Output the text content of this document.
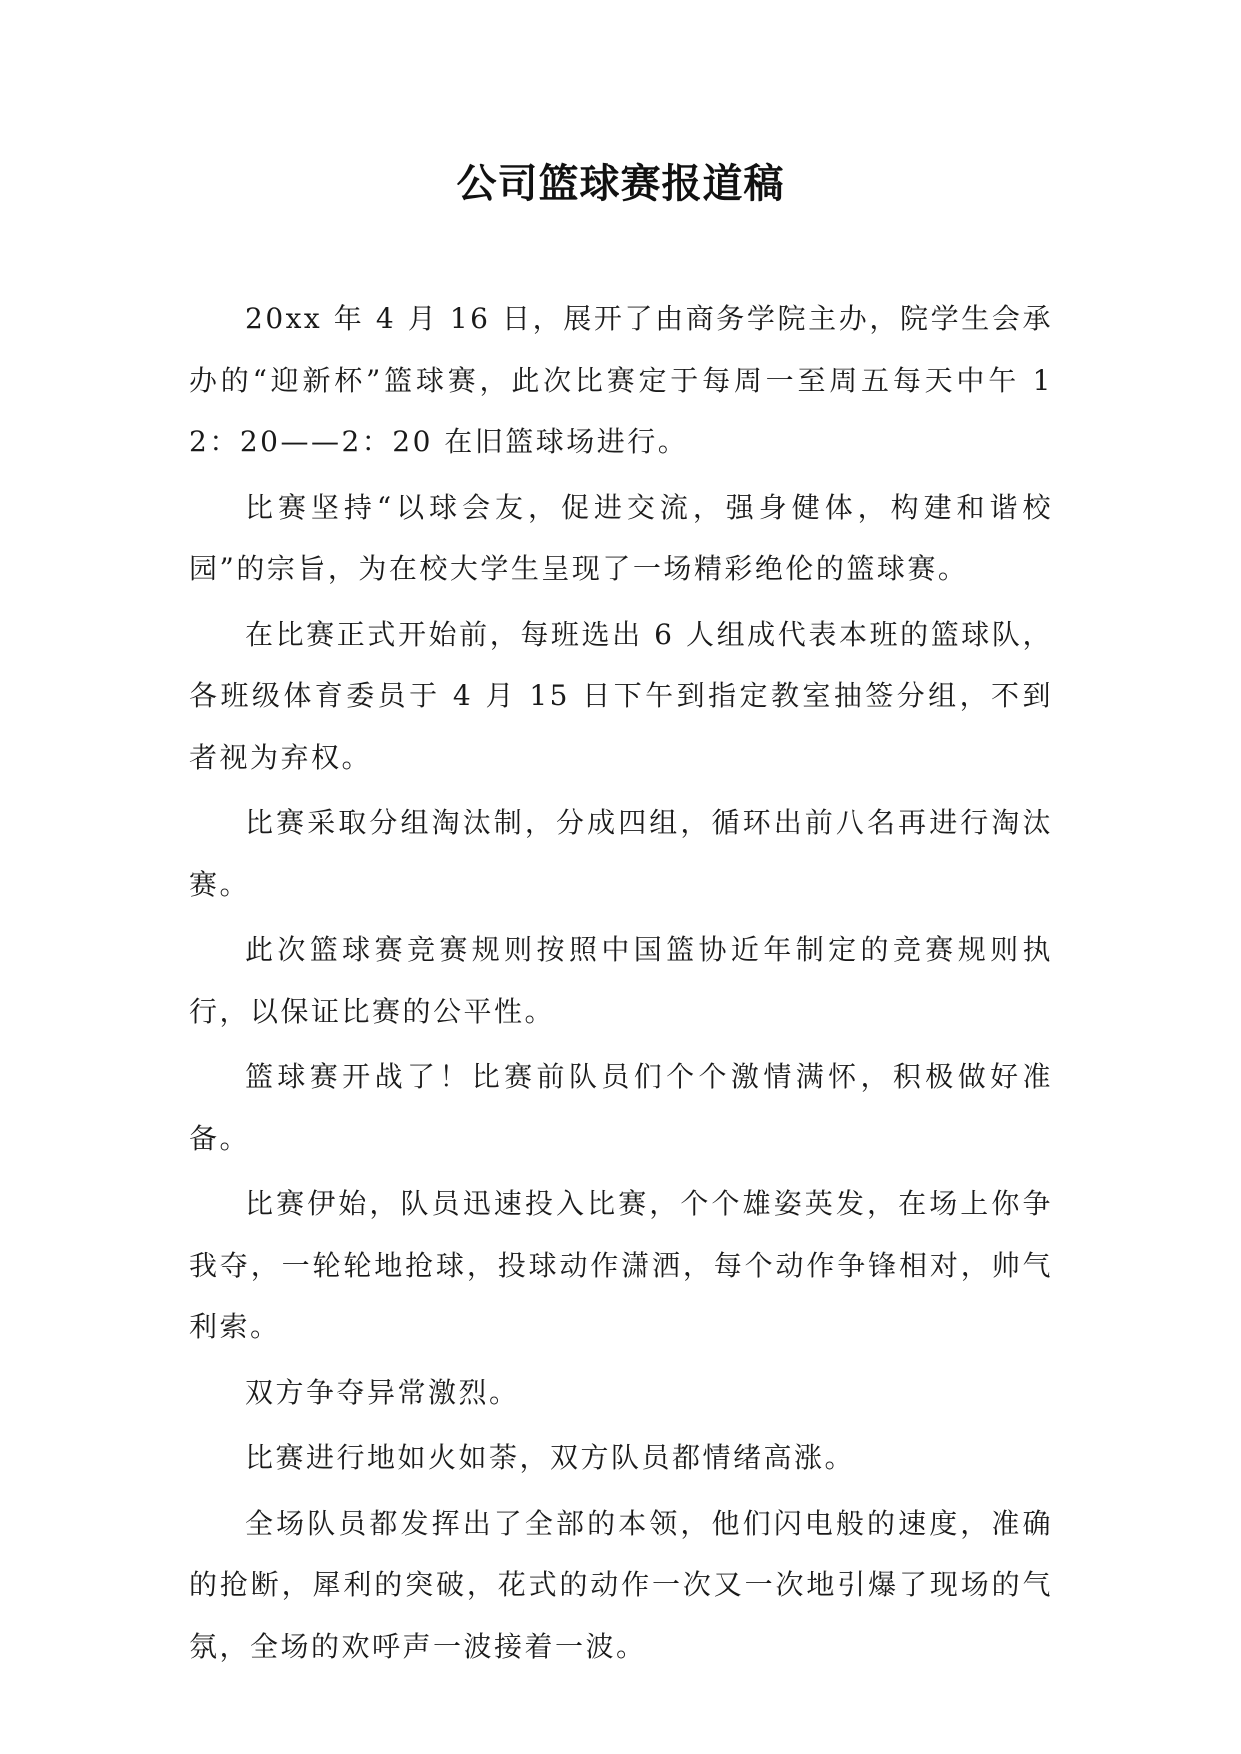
公司篮球赛报道稿

20xx 年 4 月 16 日，展开了由商务学院主办，院学生会承办的“迎新杯”篮球赛，此次比赛定于每周一至周五每天中午 12：20——2：20 在旧篮球场进行。

比赛坚持“以球会友，促进交流，强身健体，构建和谐校园”的宗旨，为在校大学生呈现了一场精彩绝伦的篮球赛。

在比赛正式开始前，每班选出 6 人组成代表本班的篮球队，各班级体育委员于 4 月 15 日下午到指定教室抽签分组，不到者视为弃权。

比赛采取分组淘汰制，分成四组，循环出前八名再进行淘汰赛。

此次篮球赛竞赛规则按照中国篮协近年制定的竞赛规则执行，以保证比赛的公平性。

篮球赛开战了！比赛前队员们个个激情满怀，积极做好准备。

比赛伊始，队员迅速投入比赛，个个雄姿英发，在场上你争我夺，一轮轮地抢球，投球动作潇洒，每个动作争锋相对，帅气利索。

双方争夺异常激烈。

比赛进行地如火如荼，双方队员都情绪高涨。

全场队员都发挥出了全部的本领，他们闪电般的速度，准确的抢断，犀利的突破，花式的动作一次又一次地引爆了现场的气氛，全场的欢呼声一波接着一波。
